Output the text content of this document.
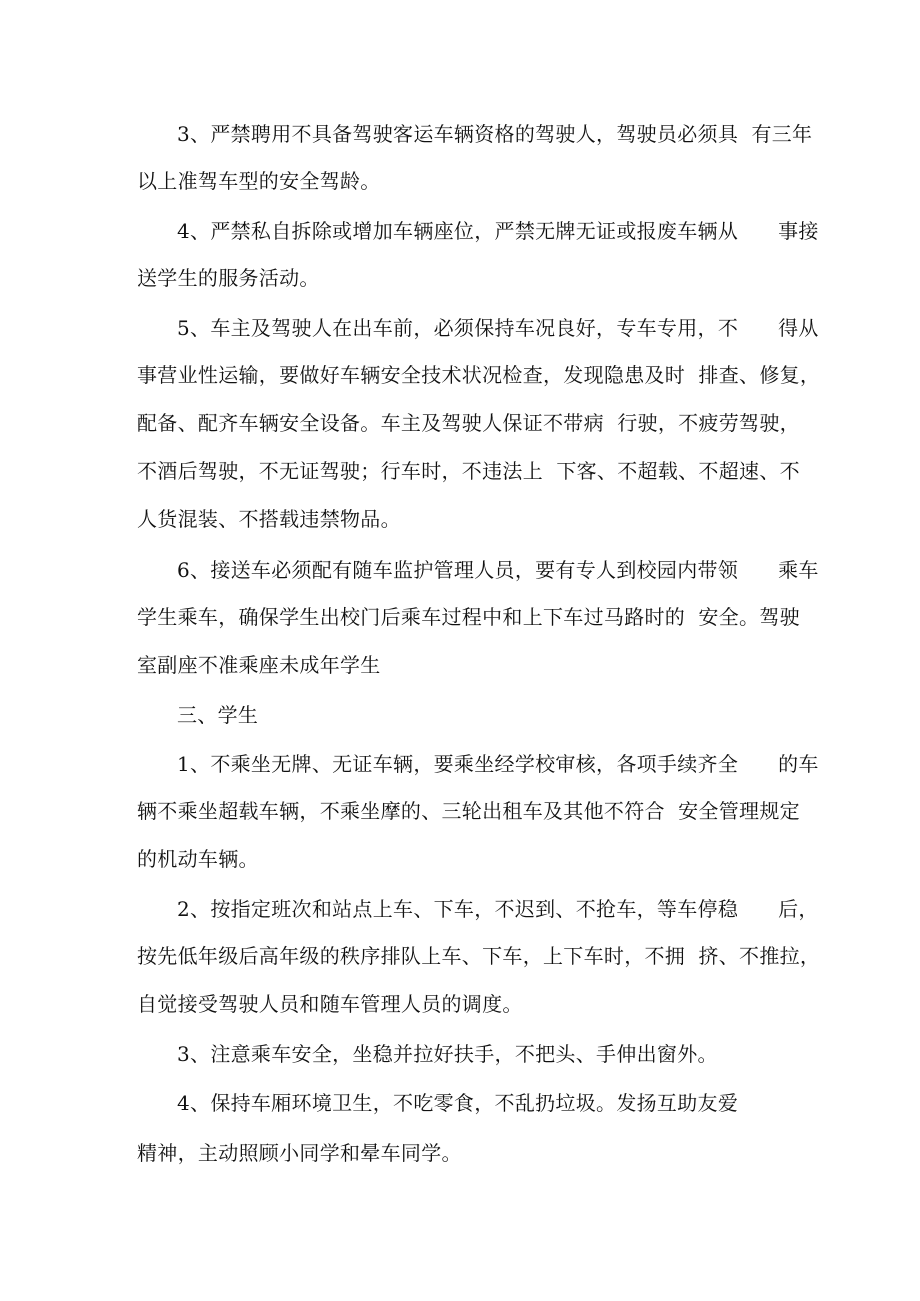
3、严禁聘用不具备驾驶客运车辆资格的驾驶人，驾驶员必须具  有三年
以上准驾车型的安全驾龄。
4、严禁私自拆除或增加车辆座位，严禁无牌无证或报废车辆从      事接
送学生的服务活动。
5、车主及驾驶人在出车前，必须保持车况良好，专车专用，不      得从
事营业性运输，要做好车辆安全技术状况检查，发现隐患及时  排查、修复，
配备、配齐车辆安全设备。车主及驾驶人保证不带病  行驶，不疲劳驾驶，
不酒后驾驶，不无证驾驶；行车时，不违法上  下客、不超载、不超速、不
人货混装、不搭载违禁物品。
6、接送车必须配有随车监护管理人员，要有专人到校园内带领      乘车
学生乘车，确保学生出校门后乘车过程中和上下车过马路时的  安全。驾驶
室副座不准乘座未成年学生
三、学生
1、不乘坐无牌、无证车辆，要乘坐经学校审核，各项手续齐全      的车
辆不乘坐超载车辆，不乘坐摩的、三轮出租车及其他不符合  安全管理规定
的机动车辆。
2、按指定班次和站点上车、下车，不迟到、不抢车，等车停稳      后，
按先低年级后高年级的秩序排队上车、下车，上下车时，不拥  挤、不推拉，
自觉接受驾驶人员和随车管理人员的调度。
3、注意乘车安全，坐稳并拉好扶手，不把头、手伸出窗外。
4、保持车厢环境卫生，不吃零食，不乱扔垃圾。发扬互助友爱
精神，主动照顾小同学和晕车同学。
